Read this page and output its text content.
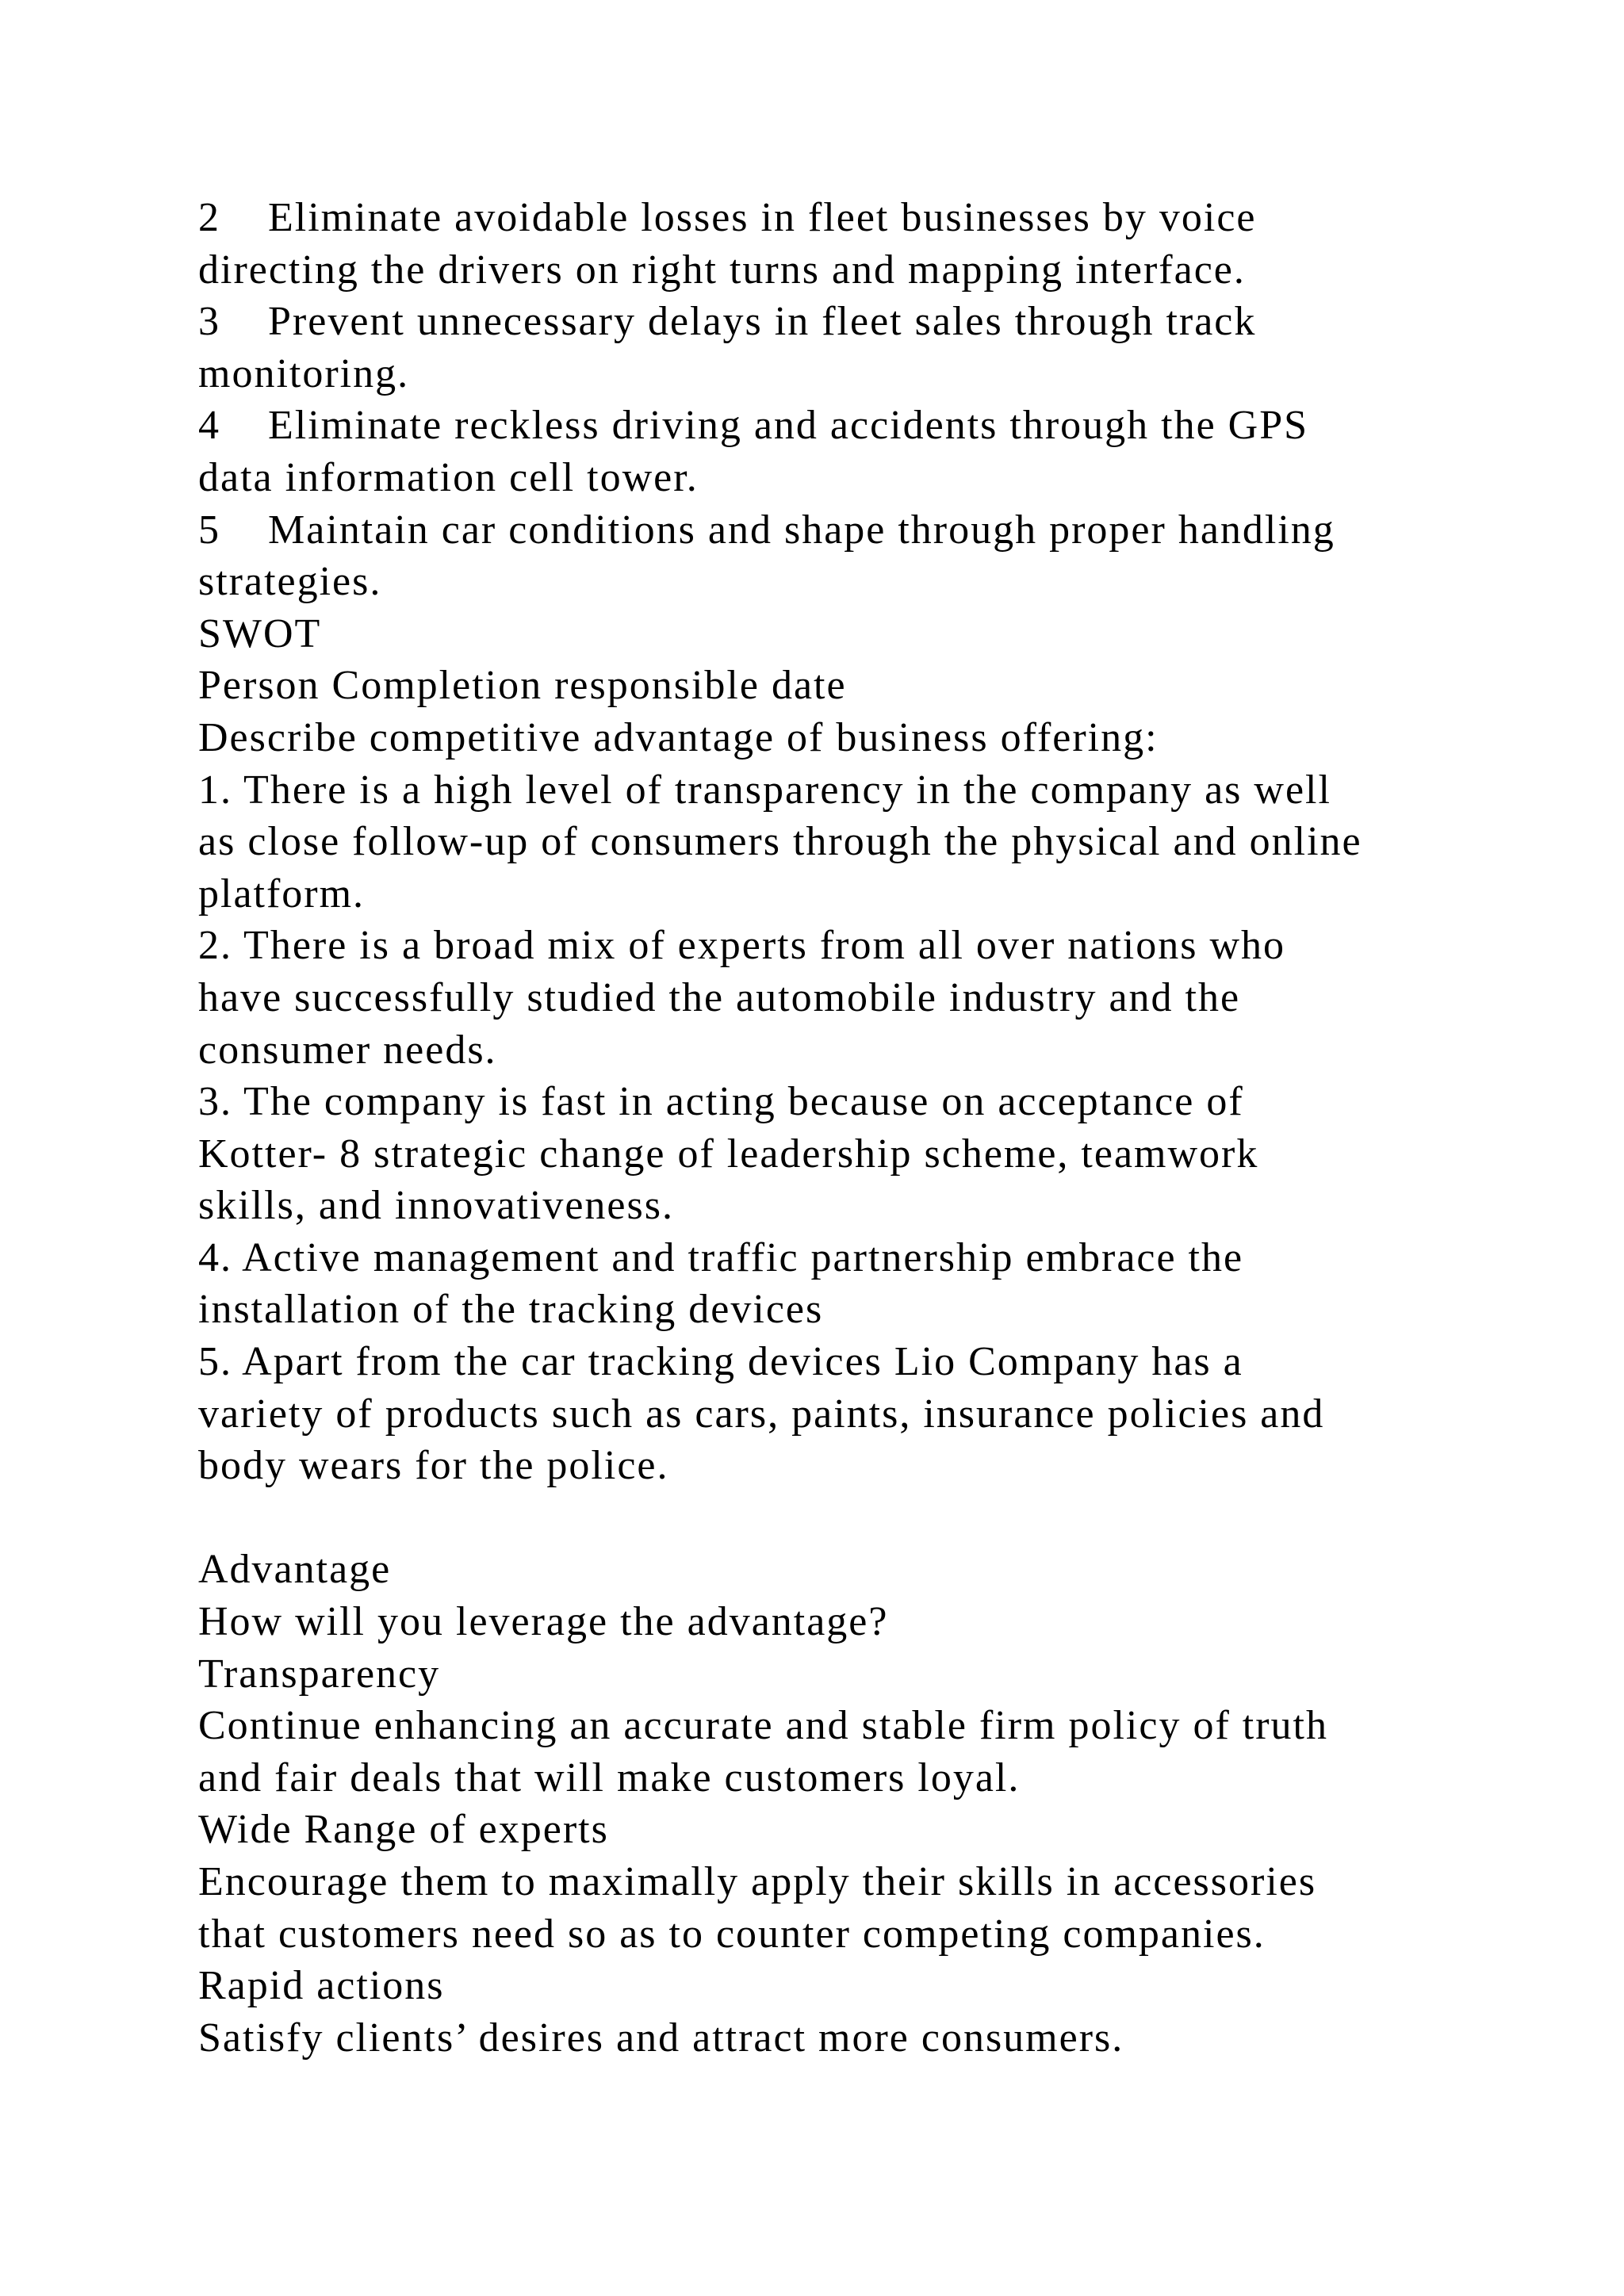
2    Eliminate avoidable losses in fleet businesses by voice
directing the drivers on right turns and mapping interface.
3    Prevent unnecessary delays in fleet sales through track
monitoring.
4    Eliminate reckless driving and accidents through the GPS
data information cell tower.
5    Maintain car conditions and shape through proper handling
strategies.
SWOT
Person Completion responsible date
Describe competitive advantage of business offering:
1. There is a high level of transparency in the company as well
as close follow-up of consumers through the physical and online
platform.
2. There is a broad mix of experts from all over nations who
have successfully studied the automobile industry and the
consumer needs.
3. The company is fast in acting because on acceptance of
Kotter- 8 strategic change of leadership scheme, teamwork
skills, and innovativeness.
4. Active management and traffic partnership embrace the
installation of the tracking devices
5. Apart from the car tracking devices Lio Company has a
variety of products such as cars, paints, insurance policies and
body wears for the police.
Advantage
How will you leverage the advantage?
Transparency
Continue enhancing an accurate and stable firm policy of truth
and fair deals that will make customers loyal.
Wide Range of experts
Encourage them to maximally apply their skills in accessories
that customers need so as to counter competing companies.
Rapid actions
Satisfy clients’ desires and attract more consumers.
